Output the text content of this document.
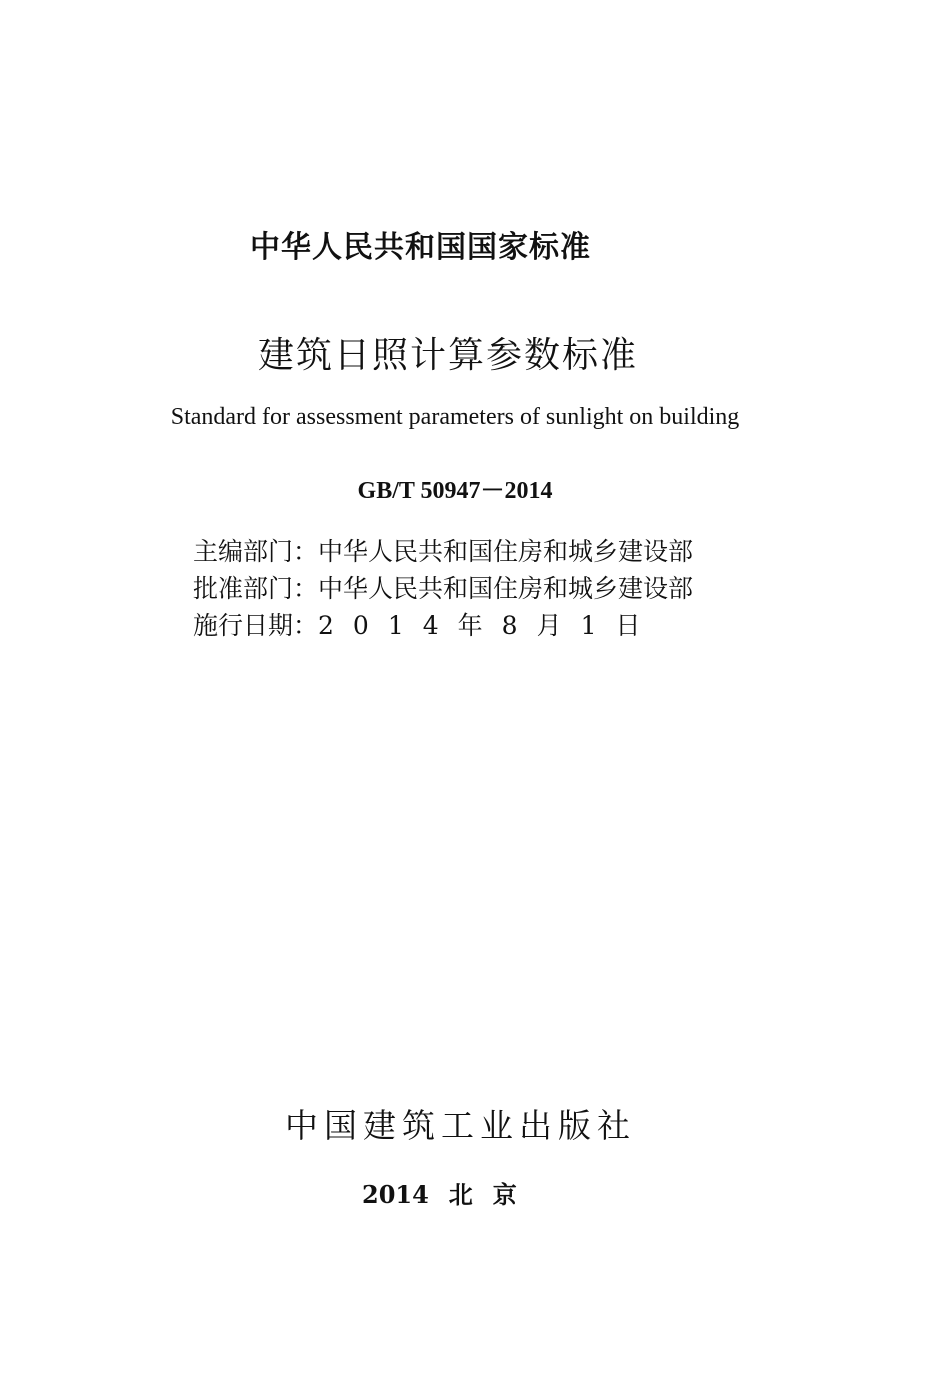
中华人民共和国国家标准
建筑日照计算参数标准
Standard for assessment parameters of sunlight on building
GB/T 50947－2014
主编部门：中华人民共和国住房和城乡建设部
批准部门：中华人民共和国住房和城乡建设部
施行日期：2 0 1 4 年 8 月 1 日
中国建筑工业出版社
2014 北京
